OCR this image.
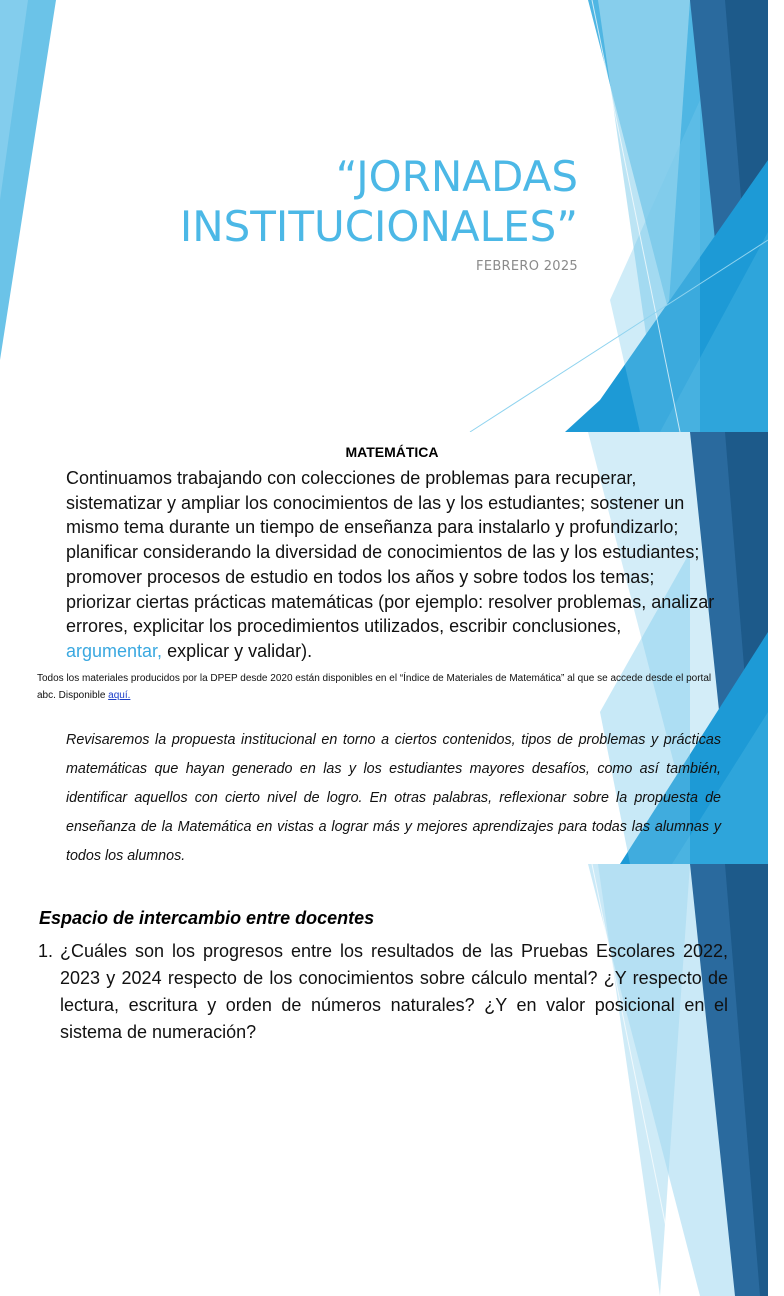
“JORNADAS
INSTITUCIONALES”
FEBRERO 2025
MATEMÁTICA
Continuamos trabajando con colecciones de problemas para recuperar, sistematizar y ampliar los conocimientos de las y los estudiantes; sostener un mismo tema durante un tiempo de enseñanza para instalarlo y profundizarlo; planificar considerando la diversidad de conocimientos de las y los estudiantes; promover procesos de estudio en todos los años y sobre todos los temas; priorizar ciertas prácticas matemáticas (por ejemplo: resolver problemas, analizar errores, explicitar los procedimientos utilizados, escribir conclusiones, argumentar, explicar y validar).
Todos los materiales producidos por la DPEP desde 2020 están disponibles en el “Índice de Materiales de Matemática” al que se accede desde el portal abc. Disponible aquí.
Revisaremos la propuesta institucional en torno a ciertos contenidos, tipos de problemas y prácticas matemáticas que hayan generado en las y los estudiantes mayores desafíos, como así también, identificar aquellos con cierto nivel de logro. En otras palabras, reflexionar sobre la propuesta de enseñanza de la Matemática en vistas a lograr más y mejores aprendizajes para todas las alumnas y todos los alumnos.
Espacio de intercambio entre docentes
1. ¿Cuáles son los progresos entre los resultados de las Pruebas Escolares 2022, 2023 y 2024 respecto de los conocimientos sobre cálculo mental? ¿Y respecto de lectura, escritura y orden de números naturales? ¿Y en valor posicional en el sistema de numeración?
